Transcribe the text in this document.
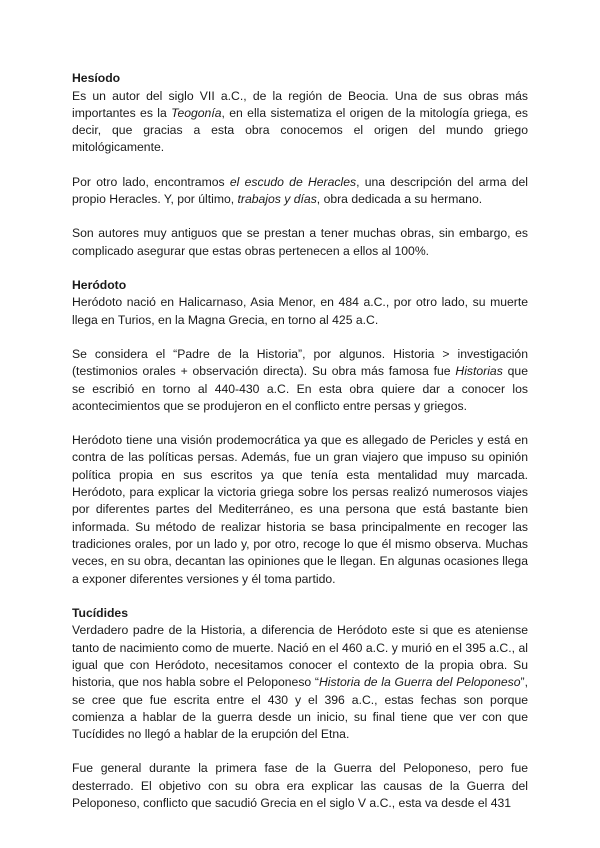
Hesíodo

Es un autor del siglo VII a.C., de la región de Beocia. Una de sus obras más importantes es la Teogonía, en ella sistematiza el origen de la mitología griega, es decir, que gracias a esta obra conocemos el origen del mundo griego mitológicamente.

Por otro lado, encontramos el escudo de Heracles, una descripción del arma del propio Heracles. Y, por último, trabajos y días, obra dedicada a su hermano.

Son autores muy antiguos que se prestan a tener muchas obras, sin embargo, es complicado asegurar que estas obras pertenecen a ellos al 100%.

Heródoto

Heródoto nació en Halicarnaso, Asia Menor, en 484 a.C., por otro lado, su muerte llega en Turios, en la Magna Grecia, en torno al 425 a.C.

Se considera el “Padre de la Historia”, por algunos. Historia > investigación (testimonios orales + observación directa). Su obra más famosa fue Historias que se escribió en torno al 440-430 a.C. En esta obra quiere dar a conocer los acontecimientos que se produjeron en el conflicto entre persas y griegos.

Heródoto tiene una visión prodemocrática ya que es allegado de Pericles y está en contra de las políticas persas. Además, fue un gran viajero que impuso su opinión política propia en sus escritos ya que tenía esta mentalidad muy marcada. Heródoto, para explicar la victoria griega sobre los persas realizó numerosos viajes por diferentes partes del Mediterráneo, es una persona que está bastante bien informada. Su método de realizar historia se basa principalmente en recoger las tradiciones orales, por un lado y, por otro, recoge lo que él mismo observa. Muchas veces, en su obra, decantan las opiniones que le llegan. En algunas ocasiones llega a exponer diferentes versiones y él toma partido.

Tucídides

Verdadero padre de la Historia, a diferencia de Heródoto este si que es ateniense tanto de nacimiento como de muerte. Nació en el 460 a.C. y murió en el 395 a.C., al igual que con Heródoto, necesitamos conocer el contexto de la propia obra. Su historia, que nos habla sobre el Peloponeso “Historia de la Guerra del Peloponeso”, se cree que fue escrita entre el 430 y el 396 a.C., estas fechas son porque comienza a hablar de la guerra desde un inicio, su final tiene que ver con que Tucídides no llegó a hablar de la erupción del Etna.

Fue general durante la primera fase de la Guerra del Peloponeso, pero fue desterrado. El objetivo con su obra era explicar las causas de la Guerra del Peloponeso, conflicto que sacudió Grecia en el siglo V a.C., esta va desde el 431
